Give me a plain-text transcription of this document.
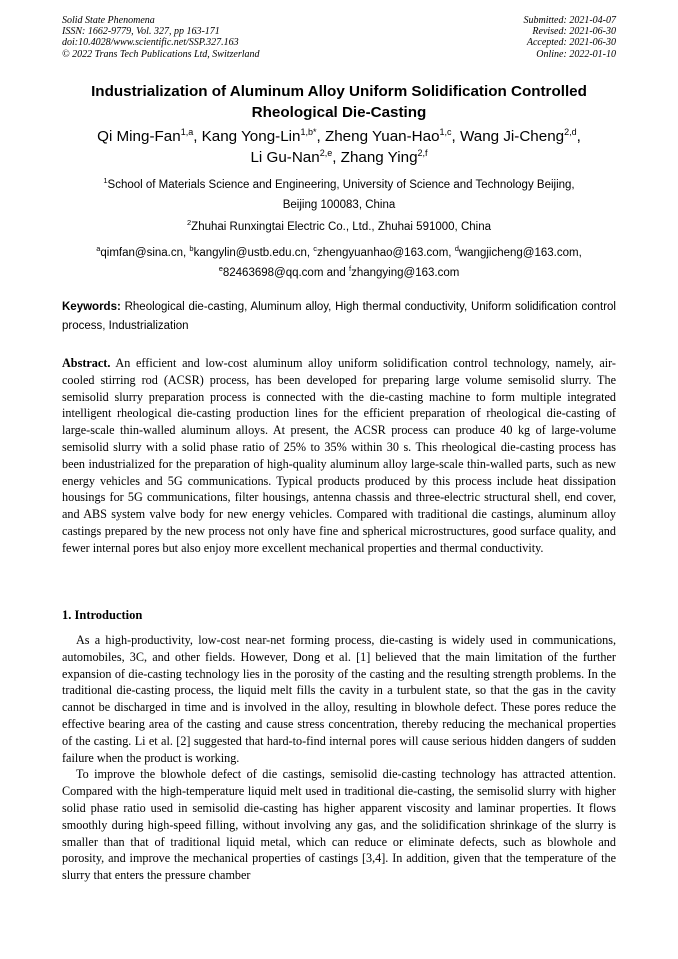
Solid State Phenomena
ISSN: 1662-9779, Vol. 327, pp 163-171
doi:10.4028/www.scientific.net/SSP.327.163
© 2022 Trans Tech Publications Ltd, Switzerland
Submitted: 2021-04-07
Revised: 2021-06-30
Accepted: 2021-06-30
Online: 2022-01-10
Industrialization of Aluminum Alloy Uniform Solidification Controlled
Rheological Die-Casting
Qi Ming-Fan$^{1,a}$, Kang Yong-Lin$^{1,b*}$, Zheng Yuan-Hao$^{1,c}$, Wang Ji-Cheng$^{2,d}$,
Li Gu-Nan$^{2,e}$, Zhang Ying$^{2,f}$
$^1$School of Materials Science and Engineering, University of Science and Technology Beijing,
Beijing 100083, China
$^2$Zhuhai Runxingtai Electric Co., Ltd., Zhuhai 591000, China
$^a$qimfan@sina.cn, $^b$kangylin@ustb.edu.cn, $^c$zhengyuanhao@163.com, $^d$wangjicheng@163.com,
$^e$82463698@qq.com and $^f$zhangying@163.com
Keywords: Rheological die-casting, Aluminum alloy, High thermal conductivity, Uniform solidification control process, Industrialization
Abstract. An efficient and low-cost aluminum alloy uniform solidification control technology, namely, air-cooled stirring rod (ACSR) process, has been developed for preparing large volume semisolid slurry. The semisolid slurry preparation process is connected with the die-casting machine to form multiple integrated intelligent rheological die-casting production lines for the efficient preparation of rheological die-casting of large-scale thin-walled aluminum alloys. At present, the ACSR process can produce 40 kg of large-volume semisolid slurry with a solid phase ratio of 25% to 35% within 30 s. This rheological die-casting process has been industrialized for the preparation of high-quality aluminum alloy large-scale thin-walled parts, such as new energy vehicles and 5G communications. Typical products produced by this process include heat dissipation housings for 5G communications, filter housings, antenna chassis and three-electric structural shell, end cover, and ABS system valve body for new energy vehicles. Compared with traditional die castings, aluminum alloy castings prepared by the new process not only have fine and spherical microstructures, good surface quality, and fewer internal pores but also enjoy more excellent mechanical properties and thermal conductivity.
1. Introduction

As a high-productivity, low-cost near-net forming process, die-casting is widely used in communications, automobiles, 3C, and other fields. However, Dong et al. [1] believed that the main limitation of the further expansion of die-casting technology lies in the porosity of the casting and the resulting strength problems. In the traditional die-casting process, the liquid melt fills the cavity in a turbulent state, so that the gas in the cavity cannot be discharged in time and is involved in the alloy, resulting in blowhole defect. These pores reduce the effective bearing area of the casting and cause stress concentration, thereby reducing the mechanical properties of the casting. Li et al. [2] suggested that hard-to-find internal pores will cause serious hidden dangers of sudden failure when the product is working.

To improve the blowhole defect of die castings, semisolid die-casting technology has attracted attention. Compared with the high-temperature liquid melt used in traditional die-casting, the semisolid slurry with higher solid phase ratio used in semisolid die-casting has higher apparent viscosity and laminar properties. It flows smoothly during high-speed filling, without involving any gas, and the solidification shrinkage of the slurry is smaller than that of traditional liquid metal, which can reduce or eliminate defects, such as blowhole and porosity, and improve the mechanical properties of castings [3,4]. In addition, given that the temperature of the slurry that enters the pressure chamber
